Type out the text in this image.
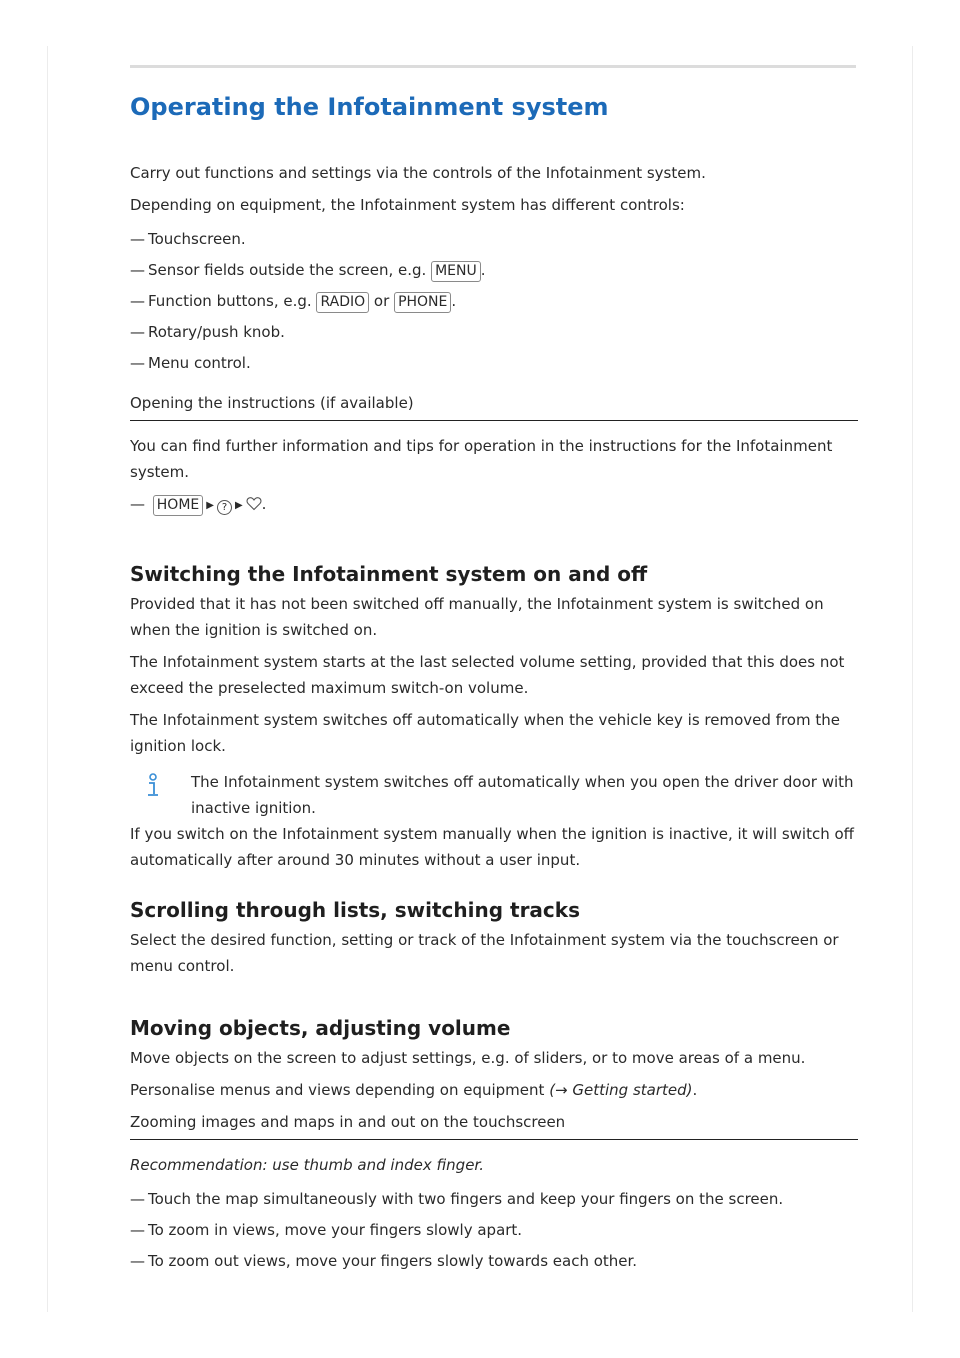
Operating the Infotainment system

Carry out functions and settings via the controls of the Infotainment system.

Depending on equipment, the Infotainment system has different controls:

— Touchscreen.
— Sensor fields outside the screen, e.g. MENU .
— Function buttons, e.g. RADIO or PHONE .
— Rotary/push knob.
— Menu control.
Opening the instructions (if available)

You can find further information and tips for operation in the instructions for the Infotainment system.

— HOME ▶ ? ▶ .
Switching the Infotainment system on and off

Provided that it has not been switched off manually, the Infotainment system is switched on when the ignition is switched on.

The Infotainment system starts at the last selected volume setting, provided that this does not exceed the preselected maximum switch-on volume.

The Infotainment system switches off automatically when the vehicle key is removed from the ignition lock.

The Infotainment system switches off automatically when you open the driver door with inactive ignition.

If you switch on the Infotainment system manually when the ignition is inactive, it will switch off automatically after around 30 minutes without a user input.

Scrolling through lists, switching tracks

Select the desired function, setting or track of the Infotainment system via the touchscreen or menu control.

Moving objects, adjusting volume

Move objects on the screen to adjust settings, e.g. of sliders, or to move areas of a menu.

Personalise menus and views depending on equipment (→ Getting started).

Zooming images and maps in and out on the touchscreen

Recommendation: use thumb and index finger.

— Touch the map simultaneously with two fingers and keep your fingers on the screen.
— To zoom in views, move your fingers slowly apart.
— To zoom out views, move your fingers slowly towards each other.
